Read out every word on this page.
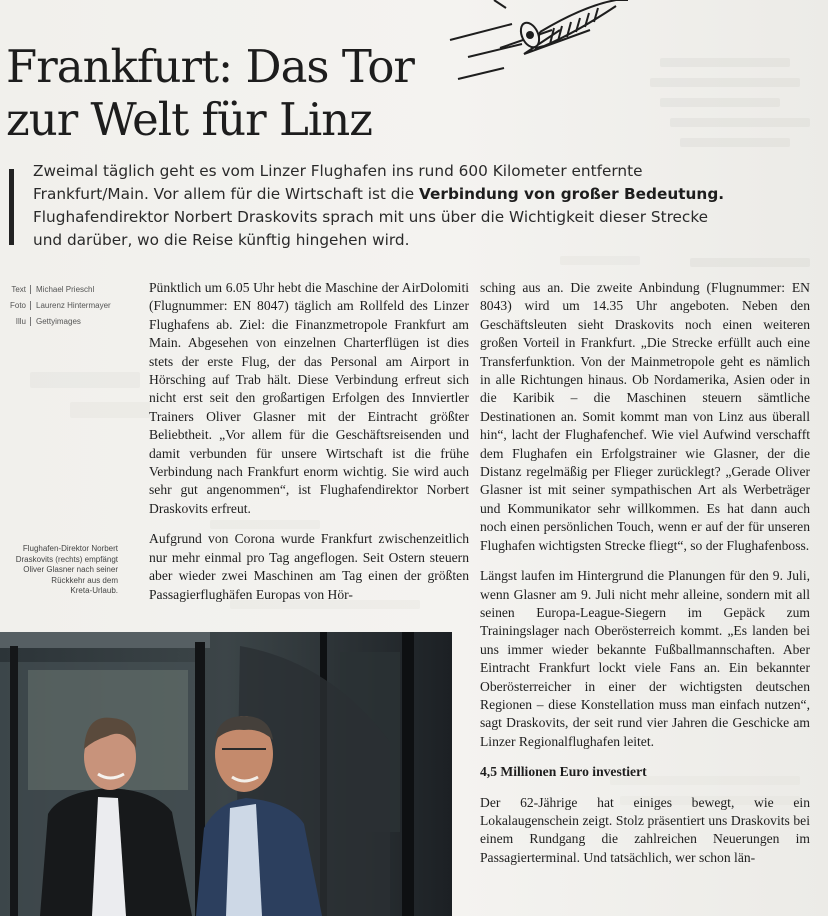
Frankfurt: Das Tor
zur Welt für Linz
Zweimal täglich geht es vom Linzer Flughafen ins rund 600 Kilometer entfernte Frankfurt/Main. Vor allem für die Wirtschaft ist die Verbindung von großer Bedeutung. Flughafendirektor Norbert Draskovits sprach mit uns über die Wichtigkeit dieser Strecke und darüber, wo die Reise künftig hingehen wird.
Text	Michael Prieschl
Foto	Laurenz Hintermayer
Illu	Gettyimages

Pünktlich um 6.05 Uhr hebt die Maschine der AirDolomiti (Flugnummer: EN 8047) täglich am Rollfeld des Linzer Flughafens ab. Ziel: die Finanzmetropole Frankfurt am Main. Abgesehen von einzelnen Charterflügen ist dies stets der erste Flug, der das Personal am Airport in Hörsching auf Trab hält. Diese Verbindung erfreut sich nicht erst seit den großartigen Erfolgen des Innviertler Trainers Oliver Glasner mit der Eintracht größter Beliebtheit. „Vor allem für die Geschäftsreisenden und damit verbunden für unsere Wirtschaft ist die frühe Verbindung nach Frankfurt enorm wichtig. Sie wird auch sehr gut angenommen“, ist Flughafendirektor Norbert Draskovits erfreut.

Aufgrund von Corona wurde Frankfurt zwischenzeitlich nur mehr einmal pro Tag angeflogen. Seit Ostern steuern aber wieder zwei Maschinen am Tag einen der größten Passagierflughäfen Europas von Hör-

sching aus an. Die zweite Anbindung (Flugnummer: EN 8043) wird um 14.35 Uhr angeboten. Neben den Geschäftsleuten sieht Draskovits noch einen weiteren großen Vorteil in Frankfurt. „Die Strecke erfüllt auch eine Transferfunktion. Von der Mainmetropole geht es nämlich in alle Richtungen hinaus. Ob Nordamerika, Asien oder in die Karibik – die Maschinen steuern sämtliche Destinationen an. Somit kommt man von Linz aus überall hin“, lacht der Flughafenchef. Wie viel Aufwind verschafft dem Flughafen ein Erfolgstrainer wie Glasner, der die Distanz regelmäßig per Flieger zurücklegt? „Gerade Oliver Glasner ist mit seiner sympathischen Art als Werbeträger und Kommunikator sehr willkommen. Es hat dann auch noch einen persönlichen Touch, wenn er auf der für unseren Flughafen wichtigsten Strecke fliegt“, so der Flughafenboss.

Längst laufen im Hintergrund die Planungen für den 9. Juli, wenn Glasner am 9. Juli nicht mehr alleine, sondern mit all seinen Europa-League-Siegern im Gepäck zum Trainingslager nach Oberösterreich kommt. „Es landen bei uns immer wieder bekannte Fußballmannschaften. Aber Eintracht Frankfurt lockt viele Fans an. Ein bekannter Oberösterreicher in einer der wichtigsten deutschen Regionen – diese Konstellation muss man einfach nutzen“, sagt Draskovits, der seit rund vier Jahren die Geschicke am Linzer Regionalflughafen leitet.

4,5 Millionen Euro investiert

Der 62-Jährige hat einiges bewegt, wie ein Lokalaugenschein zeigt. Stolz präsentiert uns Draskovits bei einem Rundgang die zahlreichen Neuerungen im Passagierterminal. Und tatsächlich, wer schon län-

Flughafen-Direktor Norbert
Draskovits (rechts) empfängt
Oliver Glasner nach seiner
Rückkehr aus dem
Kreta-Urlaub.
